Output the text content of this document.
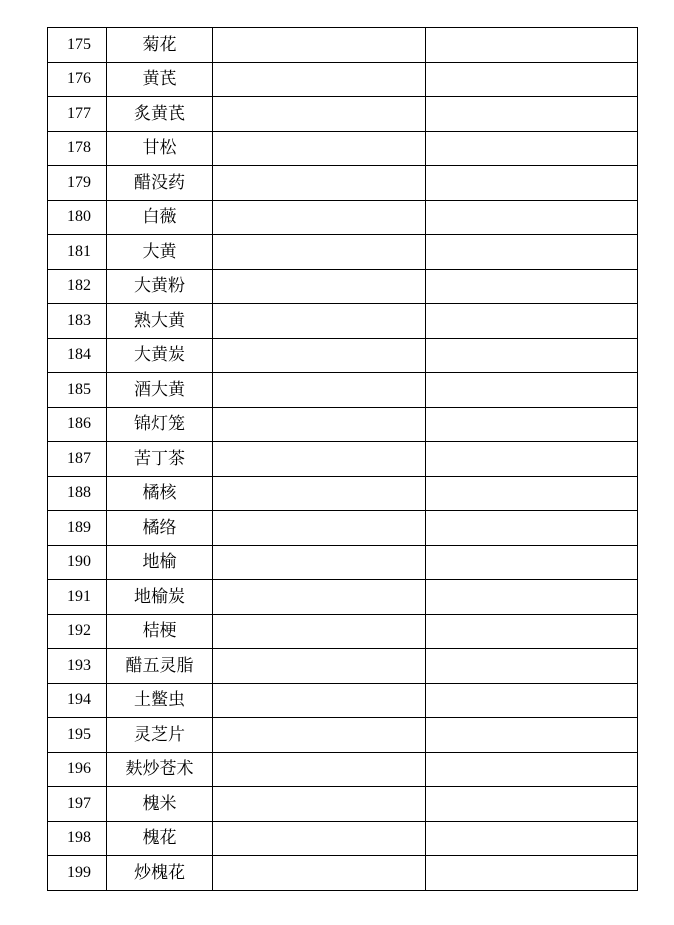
175	菊花		
176	黄芪		
177	炙黄芪		
178	甘松		
179	醋没药		
180	白薇		
181	大黄		
182	大黄粉		
183	熟大黄		
184	大黄炭		
185	酒大黄		
186	锦灯笼		
187	苦丁茶		
188	橘核		
189	橘络		
190	地榆		
191	地榆炭		
192	桔梗		
193	醋五灵脂		
194	土鳖虫		
195	灵芝片		
196	麸炒苍术		
197	槐米		
198	槐花		
199	炒槐花		
